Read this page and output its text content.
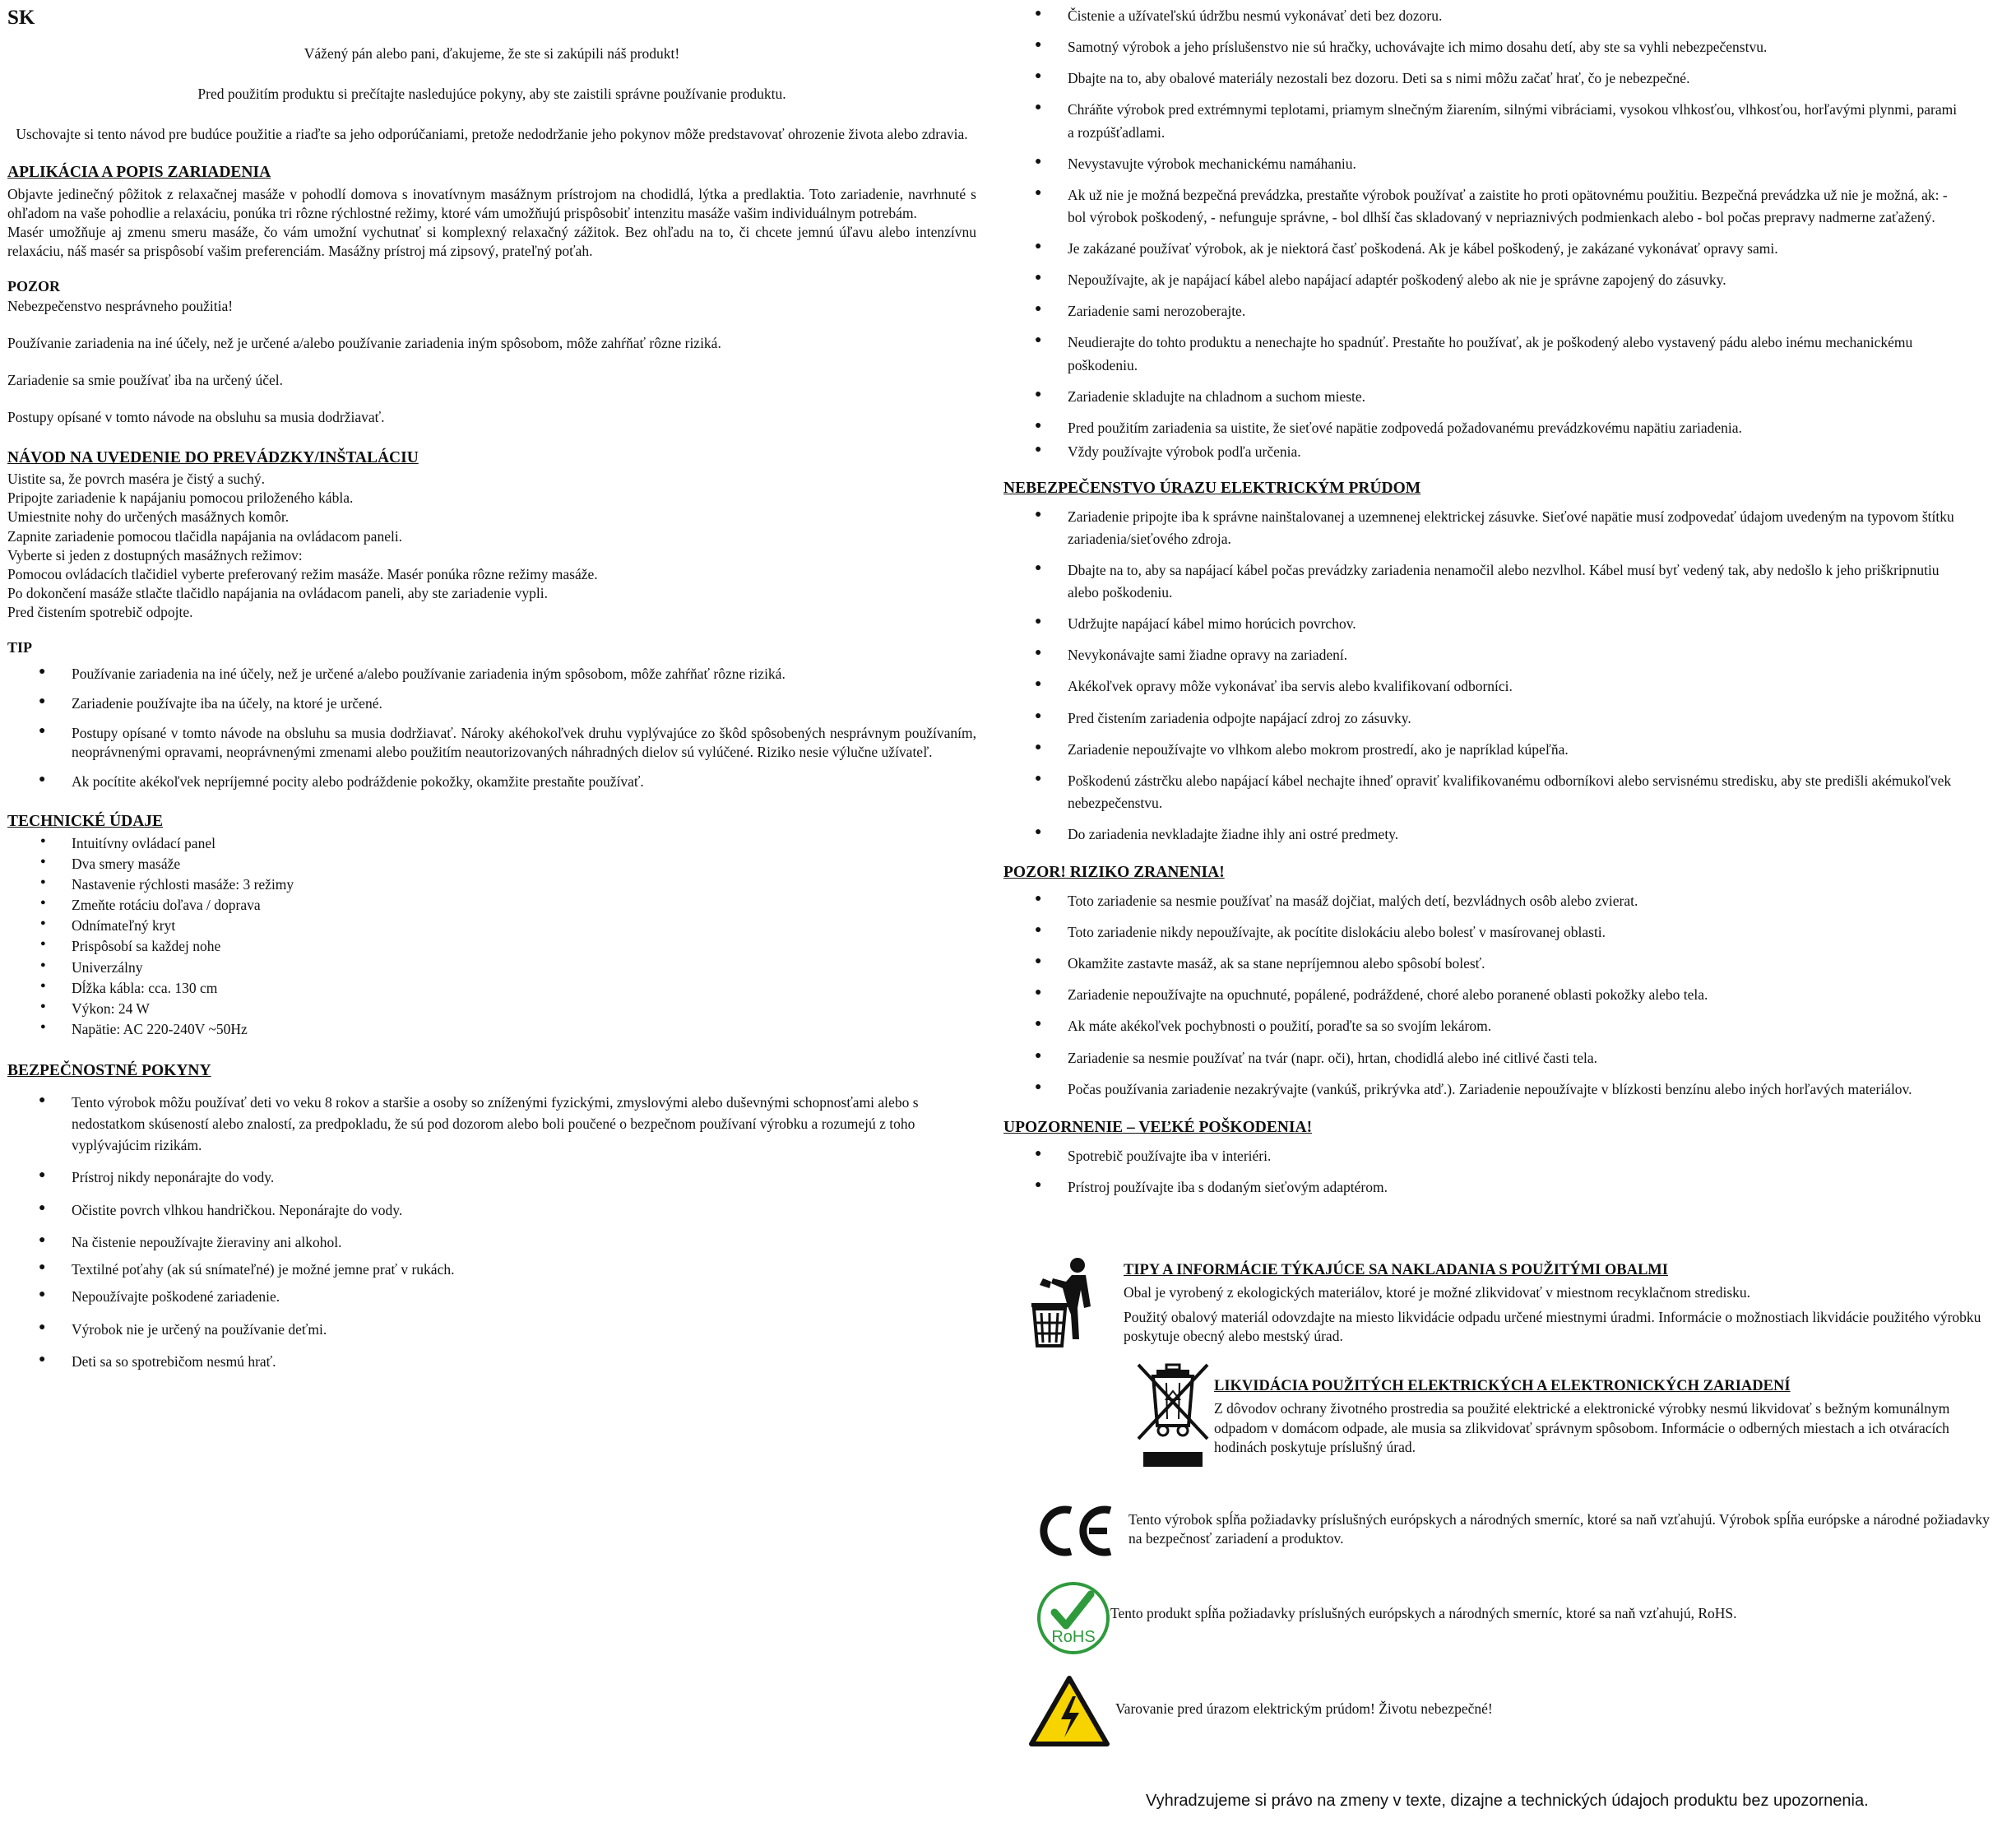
SK

Vážený pán alebo pani, ďakujeme, že ste si zakúpili náš produkt!

Pred použitím produktu si prečítajte nasledujúce pokyny, aby ste zaistili správne používanie produktu.

Uschovajte si tento návod pre budúce použitie a riaďte sa jeho odporúčaniami, pretože nedodržanie jeho pokynov môže predstavovať ohrozenie života alebo zdravia.

APLIKÁCIA A POPIS ZARIADENIA

Objavte jedinečný pôžitok z relaxačnej masáže v pohodlí domova s inovatívnym masážnym prístrojom na chodidlá, lýtka a predlaktia. Toto zariadenie, navrhnuté s ohľadom na vaše pohodlie a relaxáciu, ponúka tri rôzne rýchlostné režimy, ktoré vám umožňujú prispôsobiť intenzitu masáže vašim individuálnym potrebám.

Masér umožňuje aj zmenu smeru masáže, čo vám umožní vychutnať si komplexný relaxačný zážitok. Bez ohľadu na to, či chcete jemnú úľavu alebo intenzívnu relaxáciu, náš masér sa prispôsobí vašim preferenciám. Masážny prístroj má zipsový, prateľný poťah.

POZOR

Nebezpečenstvo nesprávneho použitia!

Používanie zariadenia na iné účely, než je určené a/alebo používanie zariadenia iným spôsobom, môže zahŕňať rôzne riziká.

Zariadenie sa smie používať iba na určený účel.

Postupy opísané v tomto návode na obsluhu sa musia dodržiavať.

NÁVOD NA UVEDENIE DO PREVÁDZKY/INŠTALÁCIU

Uistite sa, že povrch maséra je čistý a suchý.

Pripojte zariadenie k napájaniu pomocou priloženého kábla.

Umiestnite nohy do určených masážnych komôr.

Zapnite zariadenie pomocou tlačidla napájania na ovládacom paneli.

Vyberte si jeden z dostupných masážnych režimov:

Pomocou ovládacích tlačidiel vyberte preferovaný režim masáže. Masér ponúka rôzne režimy masáže.

Po dokončení masáže stlačte tlačidlo napájania na ovládacom paneli, aby ste zariadenie vypli.

Pred čistením spotrebič odpojte.

TIP
● Používanie zariadenia na iné účely, než je určené a/alebo používanie zariadenia iným spôsobom, môže zahŕňať rôzne riziká.
● Zariadenie používajte iba na účely, na ktoré je určené.
● Postupy opísané v tomto návode na obsluhu sa musia dodržiavať. Nároky akéhokoľvek druhu vyplývajúce zo škôd spôsobených nesprávnym používaním, neoprávnenými opravami, neoprávnenými zmenami alebo použitím neautorizovaných náhradných dielov sú vylúčené. Riziko nesie výlučne užívateľ.
● Ak pocítite akékoľvek nepríjemné pocity alebo podráždenie pokožky, okamžite prestaňte používať.
TECHNICKÉ ÚDAJE
● Intuitívny ovládací panel
● Dva smery masáže
● Nastavenie rýchlosti masáže: 3 režimy
● Zmeňte rotáciu doľava / doprava
● Odnímateľný kryt
● Prispôsobí sa každej nohe
● Univerzálny
● Dĺžka kábla: cca. 130 cm
● Výkon: 24 W
● Napätie: AC 220-240V ~50Hz
BEZPEČNOSTNÉ POKYNY
● Tento výrobok môžu používať deti vo veku 8 rokov a staršie a osoby so zníženými fyzickými, zmyslovými alebo duševnými schopnosťami alebo s nedostatkom skúseností alebo znalostí, za predpokladu, že sú pod dozorom alebo boli poučené o bezpečnom používaní výrobku a rozumejú z toho vyplývajúcim rizikám.
● Prístroj nikdy neponárajte do vody.
● Očistite povrch vlhkou handričkou. Neponárajte do vody.
● Na čistenie nepoužívajte žieraviny ani alkohol.
● Textilné poťahy (ak sú snímateľné) je možné jemne prať v rukách.
● Nepoužívajte poškodené zariadenie.
● Výrobok nie je určený na používanie deťmi.
● Deti sa so spotrebičom nesmú hrať.
● Čistenie a užívateľskú údržbu nesmú vykonávať deti bez dozoru.
● Samotný výrobok a jeho príslušenstvo nie sú hračky, uchovávajte ich mimo dosahu detí, aby ste sa vyhli nebezpečenstvu.
● Dbajte na to, aby obalové materiály nezostali bez dozoru. Deti sa s nimi môžu začať hrať, čo je nebezpečné.
● Chráňte výrobok pred extrémnymi teplotami, priamym slnečným žiarením, silnými vibráciami, vysokou vlhkosťou, vlhkosťou, horľavými plynmi, parami a rozpúšťadlami.
● Nevystavujte výrobok mechanickému namáhaniu.
● Ak už nie je možná bezpečná prevádzka, prestaňte výrobok používať a zaistite ho proti opätovnému použitiu. Bezpečná prevádzka už nie je možná, ak: - bol výrobok poškodený, - nefunguje správne, - bol dlhší čas skladovaný v nepriaznivých podmienkach alebo - bol počas prepravy nadmerne zaťažený.
● Je zakázané používať výrobok, ak je niektorá časť poškodená. Ak je kábel poškodený, je zakázané vykonávať opravy sami.
● Nepoužívajte, ak je napájací kábel alebo napájací adaptér poškodený alebo ak nie je správne zapojený do zásuvky.
● Zariadenie sami nerozoberajte.
● Neudierajte do tohto produktu a nenechajte ho spadnúť. Prestaňte ho používať, ak je poškodený alebo vystavený pádu alebo inému mechanickému poškodeniu.
● Zariadenie skladujte na chladnom a suchom mieste.
● Pred použitím zariadenia sa uistite, že sieťové napätie zodpovedá požadovanému prevádzkovému napätiu zariadenia.
● Vždy používajte výrobok podľa určenia.
NEBEZPEČENSTVO ÚRAZU ELEKTRICKÝM PRÚDOM
● Zariadenie pripojte iba k správne nainštalovanej a uzemnenej elektrickej zásuvke. Sieťové napätie musí zodpovedať údajom uvedeným na typovom štítku zariadenia/sieťového zdroja.
● Dbajte na to, aby sa napájací kábel počas prevádzky zariadenia nenamočil alebo nezvlhol. Kábel musí byť vedený tak, aby nedošlo k jeho priškripnutiu alebo poškodeniu.
● Udržujte napájací kábel mimo horúcich povrchov.
● Nevykonávajte sami žiadne opravy na zariadení.
● Akékoľvek opravy môže vykonávať iba servis alebo kvalifikovaní odborníci.
● Pred čistením zariadenia odpojte napájací zdroj zo zásuvky.
● Zariadenie nepoužívajte vo vlhkom alebo mokrom prostredí, ako je napríklad kúpeľňa.
● Poškodenú zástrčku alebo napájací kábel nechajte ihneď opraviť kvalifikovanému odborníkovi alebo servisnému stredisku, aby ste predišli akémukoľvek nebezpečenstvu.
● Do zariadenia nevkladajte žiadne ihly ani ostré predmety.
POZOR! RIZIKO ZRANENIA!
● Toto zariadenie sa nesmie používať na masáž dojčiat, malých detí, bezvládnych osôb alebo zvierat.
● Toto zariadenie nikdy nepoužívajte, ak pocítite dislokáciu alebo bolesť v masírovanej oblasti.
● Okamžite zastavte masáž, ak sa stane nepríjemnou alebo spôsobí bolesť.
● Zariadenie nepoužívajte na opuchnuté, popálené, podráždené, choré alebo poranené oblasti pokožky alebo tela.
● Ak máte akékoľvek pochybnosti o použití, poraďte sa so svojím lekárom.
● Zariadenie sa nesmie používať na tvár (napr. oči), hrtan, chodidlá alebo iné citlivé časti tela.
● Počas používania zariadenie nezakrývajte (vankúš, prikrývka atď.). Zariadenie nepoužívajte v blízkosti benzínu alebo iných horľavých materiálov.
UPOZORNENIE – VEĽKÉ POŠKODENIA!
● Spotrebič používajte iba v interiéri.
● Prístroj používajte iba s dodaným sieťovým adaptérom.
TIPY A INFORMÁCIE TÝKAJÚCE SA NAKLADANIA S POUŽITÝMI OBALMI

Obal je vyrobený z ekologických materiálov, ktoré je možné zlikvidovať v miestnom recyklačnom stredisku.

Použitý obalový materiál odovzdajte na miesto likvidácie odpadu určené miestnymi úradmi. Informácie o možnostiach likvidácie použitého výrobku poskytuje obecný alebo mestský úrad.

LIKVIDÁCIA POUŽITÝCH ELEKTRICKÝCH A ELEKTRONICKÝCH ZARIADENÍ

Z dôvodov ochrany životného prostredia sa použité elektrické a elektronické výrobky nesmú likvidovať s bežným komunálnym odpadom v domácom odpade, ale musia sa zlikvidovať správnym spôsobom. Informácie o odberných miestach a ich otváracích hodinách poskytuje príslušný úrad.

Tento výrobok spĺňa požiadavky príslušných európskych a národných smerníc, ktoré sa naň vzťahujú. Výrobok spĺňa európske a národné požiadavky na bezpečnosť zariadení a produktov.

RoHS

Tento produkt spĺňa požiadavky príslušných európskych a národných smerníc, ktoré sa naň vzťahujú, RoHS.

Varovanie pred úrazom elektrickým prúdom! Životu nebezpečné!

Vyhradzujeme si právo na zmeny v texte, dizajne a technických údajoch produktu bez upozornenia.
